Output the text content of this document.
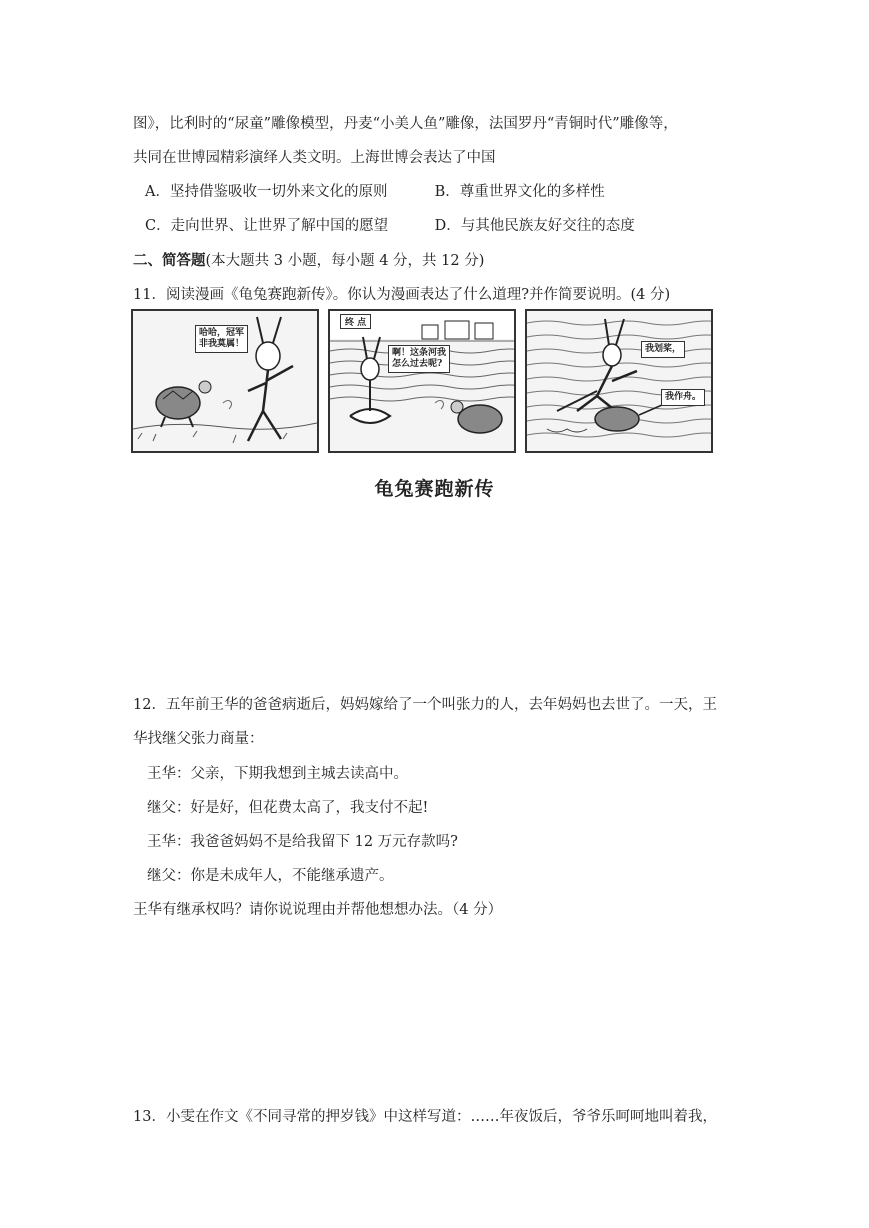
图》，比利时的“尿童”雕像模型，丹麦“小美人鱼”雕像，法国罗丹“青铜时代”雕像等，
共同在世博园精彩演绎人类文明。上海世博会表达了中国
A．坚持借鉴吸收一切外来文化的原则	B．尊重世界文化的多样性
C．走向世界、让世界了解中国的愿望	D．与其他民族友好交往的态度
二、简答题(本大题共 3 小题，每小题 4 分，共 12 分)
11．阅读漫画《龟兔赛跑新传》。你认为漫画表达了什么道理?并作简要说明。(4 分)
哈哈，冠军
非我莫属！
终 点
啊！这条河我
怎么过去呢?
我划桨，
我作舟。
龟兔赛跑新传
12．五年前王华的爸爸病逝后，妈妈嫁给了一个叫张力的人，去年妈妈也去世了。一天，王
华找继父张力商量：
王华：父亲，下期我想到主城去读高中。
继父：好是好，但花费太高了，我支付不起!
王华：我爸爸妈妈不是给我留下 12 万元存款吗?
继父：你是未成年人，不能继承遗产。
王华有继承权吗？请你说说理由并帮他想想办法。（4 分）
13．小雯在作文《不同寻常的押岁钱》中这样写道：……年夜饭后，爷爷乐呵呵地叫着我，
